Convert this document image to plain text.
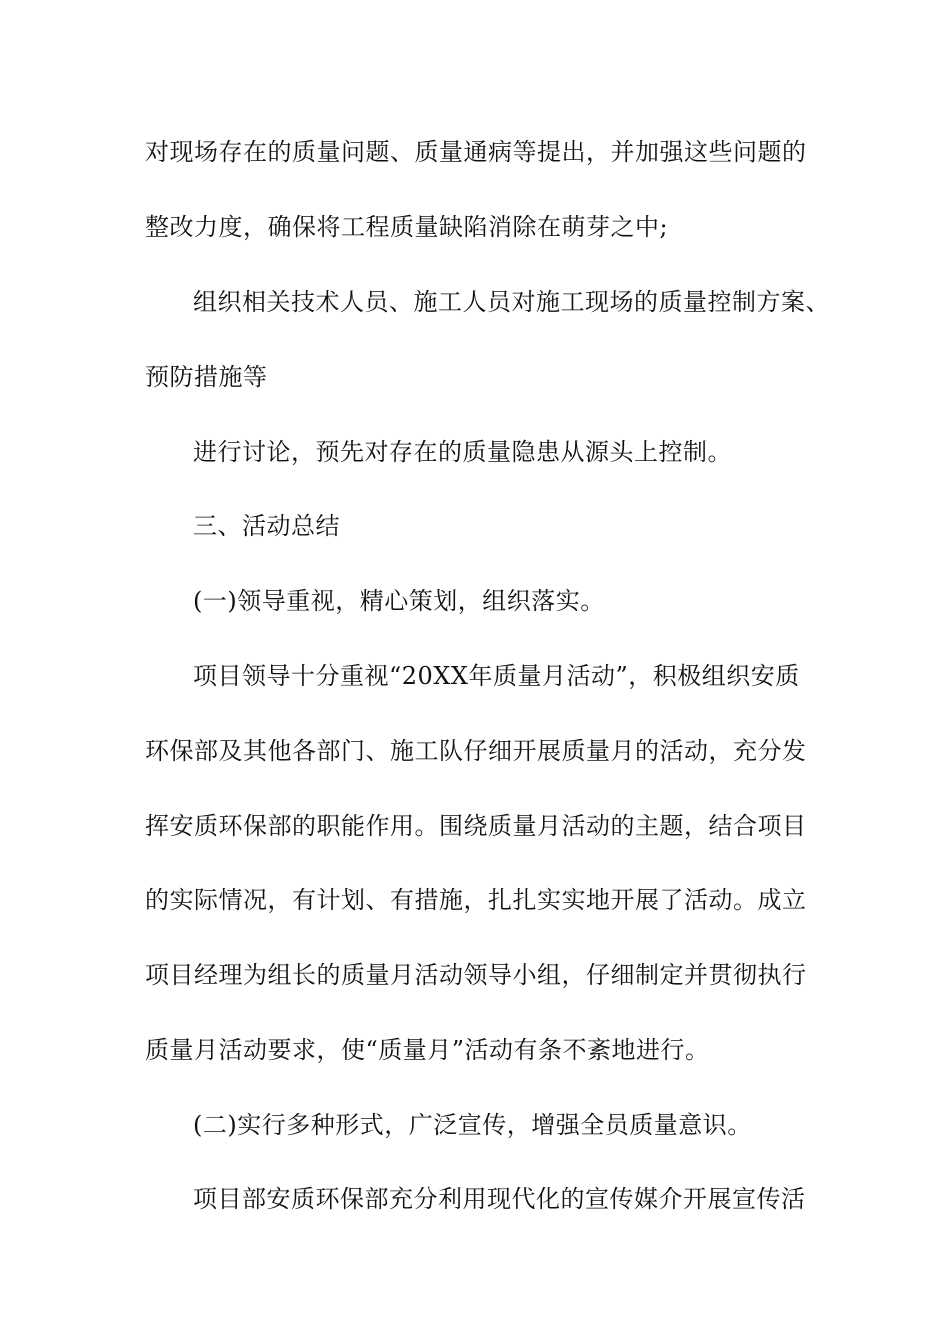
对现场存在的质量问题、质量通病等提出，并加强这些问题的

整改力度，确保将工程质量缺陷消除在萌芽之中;

组织相关技术人员、施工人员对施工现场的质量控制方案、

预防措施等

进行讨论，预先对存在的质量隐患从源头上控制。

三、活动总结

(一)领导重视，精心策划，组织落实。

项目领导十分重视“20XX年质量月活动”，积极组织安质

环保部及其他各部门、施工队仔细开展质量月的活动，充分发

挥安质环保部的职能作用。围绕质量月活动的主题，结合项目

的实际情况，有计划、有措施，扎扎实实地开展了活动。成立

项目经理为组长的质量月活动领导小组，仔细制定并贯彻执行

质量月活动要求，使“质量月”活动有条不紊地进行。

(二)实行多种形式，广泛宣传，增强全员质量意识。

项目部安质环保部充分利用现代化的宣传媒介开展宣传活
